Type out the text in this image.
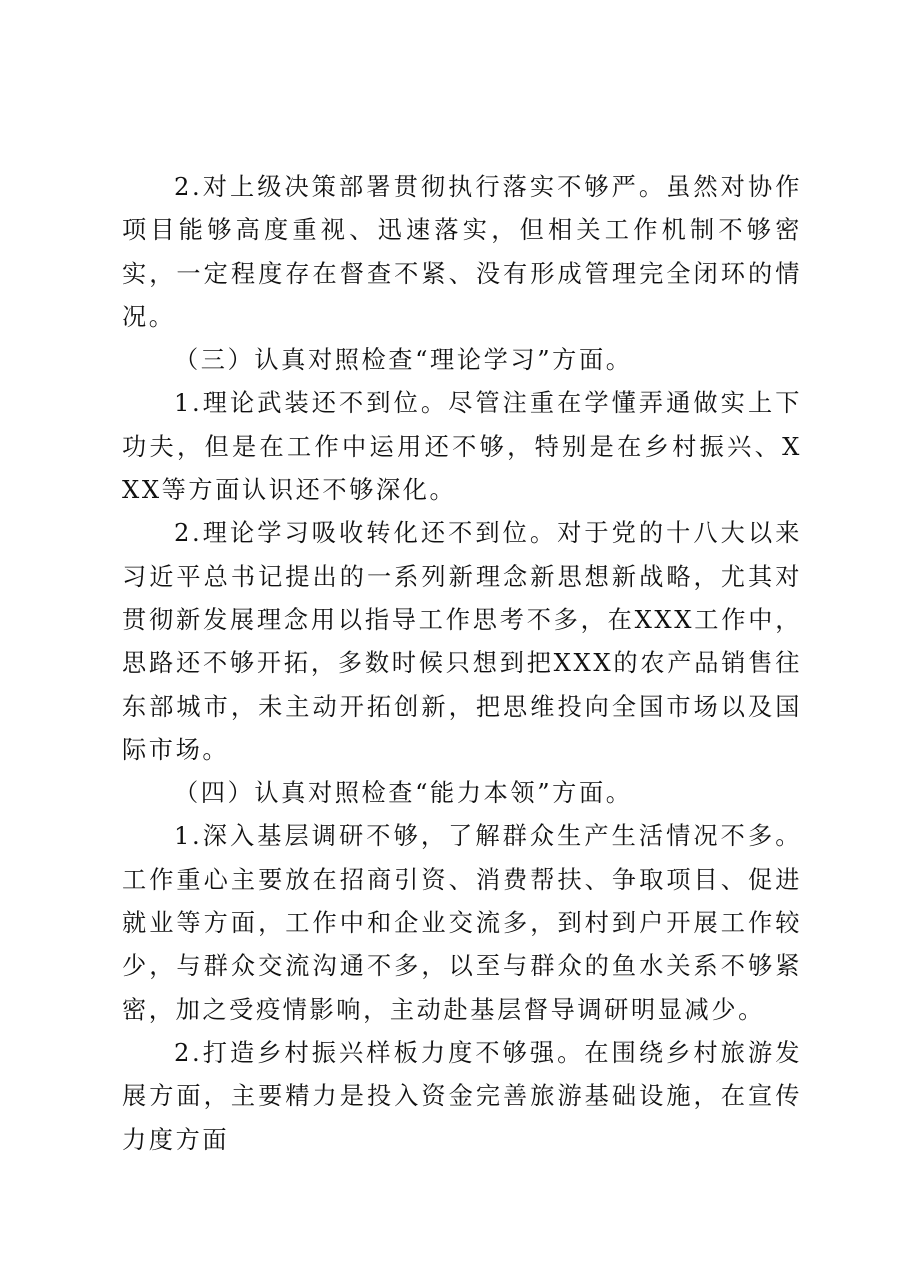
2.对上级决策部署贯彻执行落实不够严。虽然对协作项目能够高度重视、迅速落实，但相关工作机制不够密实，一定程度存在督查不紧、没有形成管理完全闭环的情况。

（三）认真对照检查“理论学习”方面。

1.理论武装还不到位。尽管注重在学懂弄通做实上下功夫，但是在工作中运用还不够，特别是在乡村振兴、XXX等方面认识还不够深化。

2.理论学习吸收转化还不到位。对于党的十八大以来习近平总书记提出的一系列新理念新思想新战略，尤其对贯彻新发展理念用以指导工作思考不多，在XXX工作中，思路还不够开拓，多数时候只想到把XXX的农产品销售往东部城市，未主动开拓创新，把思维投向全国市场以及国际市场。

（四）认真对照检查“能力本领”方面。

1.深入基层调研不够，了解群众生产生活情况不多。工作重心主要放在招商引资、消费帮扶、争取项目、促进就业等方面，工作中和企业交流多，到村到户开展工作较少，与群众交流沟通不多，以至与群众的鱼水关系不够紧密，加之受疫情影响，主动赴基层督导调研明显减少。

2.打造乡村振兴样板力度不够强。在围绕乡村旅游发展方面，主要精力是投入资金完善旅游基础设施，在宣传力度方面
